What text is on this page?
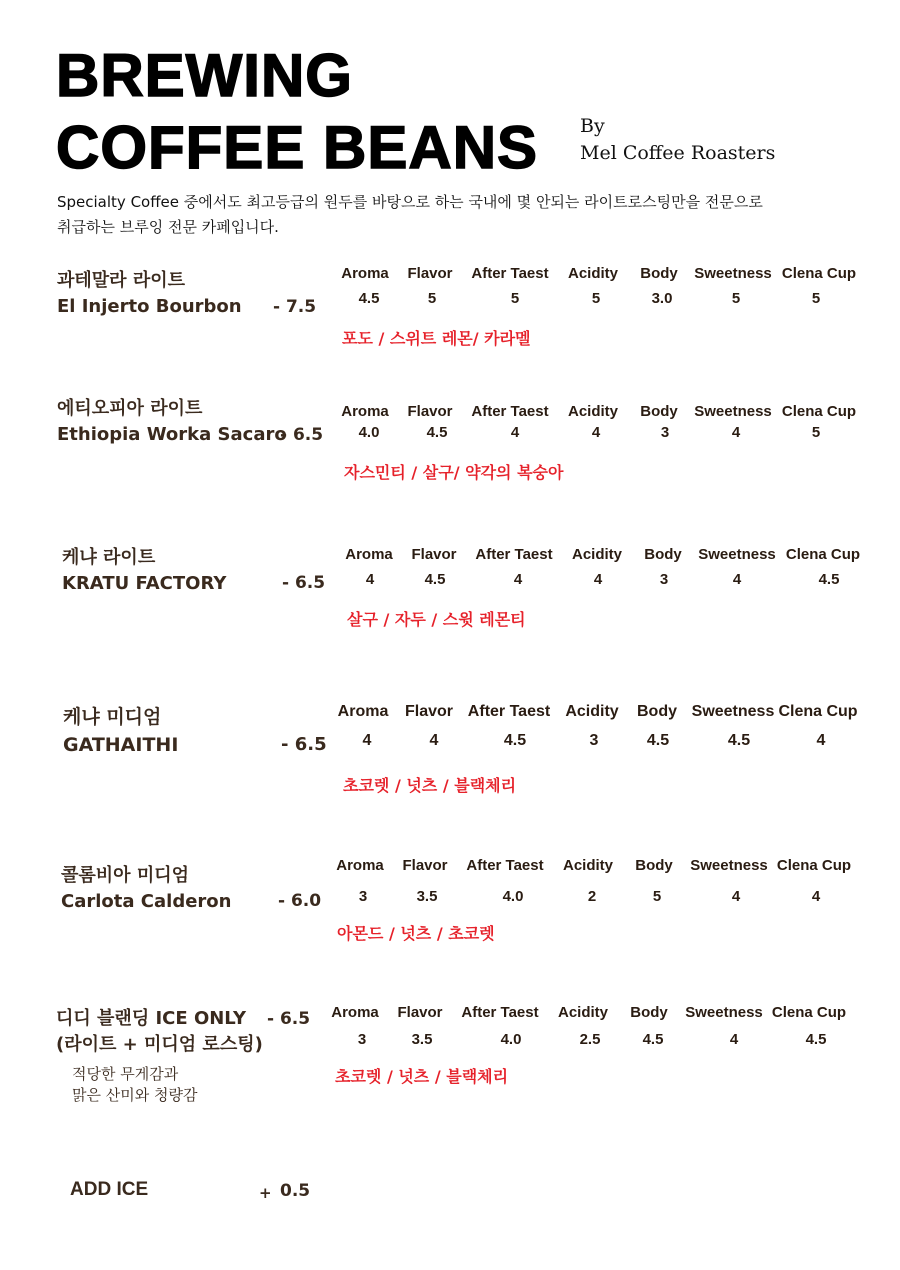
BREWING
COFFEE BEANS By
Mel Coffee Roasters
Specialty Coffee 중에서도 최고등급의 원두를 바탕으로 하는 국내에 몇 안되는 라이트로스팅만을 전문으로
취급하는 브루잉 전문 카페입니다.
과테말라 라이트
El Injerto Bourbon - 7.5
Aroma Flavor After Taest Acidity Body Sweetness Clena Cup
4.5	5	5	5	3.0	5	5
포도 / 스위트 레몬/ 카라멜
에티오피아 라이트
Ethiopia Worka Sacaro
- 6.5
Aroma Flavor After Taest Acidity Body Sweetness Clena Cup
4.0	4.5	4	4	3	4	5
자스민티 / 살구/ 약각의 복숭아
케냐 라이트
KRATU FACTORY	- 6.5
Aroma Flavor After Taest Acidity Body Sweetness Clena Cup
4	4.5	4	4	3	4	4.5
살구 / 자두 / 스윗 레몬티
케냐 미디엄
GATHAITHI	- 6.5
Aroma Flavor After Taest Acidity Body Sweetness Clena Cup
4	4	4.5	3	4.5	4.5	4
초코렛 / 넛츠 / 블랙체리
콜롬비아 미디엄
Carlota Calderon	- 6.0
Aroma Flavor After Taest Acidity Body Sweetness Clena Cup
3	3.5	4.0	2	5	4	4
아몬드 / 넛츠 / 초코렛
디디 블랜딩 ICE ONLY
(라이트 + 미디엄 로스팅)
- 6.5
적당한 무게감과
맑은 산미와 청량감
Aroma Flavor After Taest Acidity Body Sweetness Clena Cup
3	3.5	4.0	2.5	4.5	4	4.5
초코렛 / 넛츠 / 블랙체리
ADD ICE	+ 0.5
